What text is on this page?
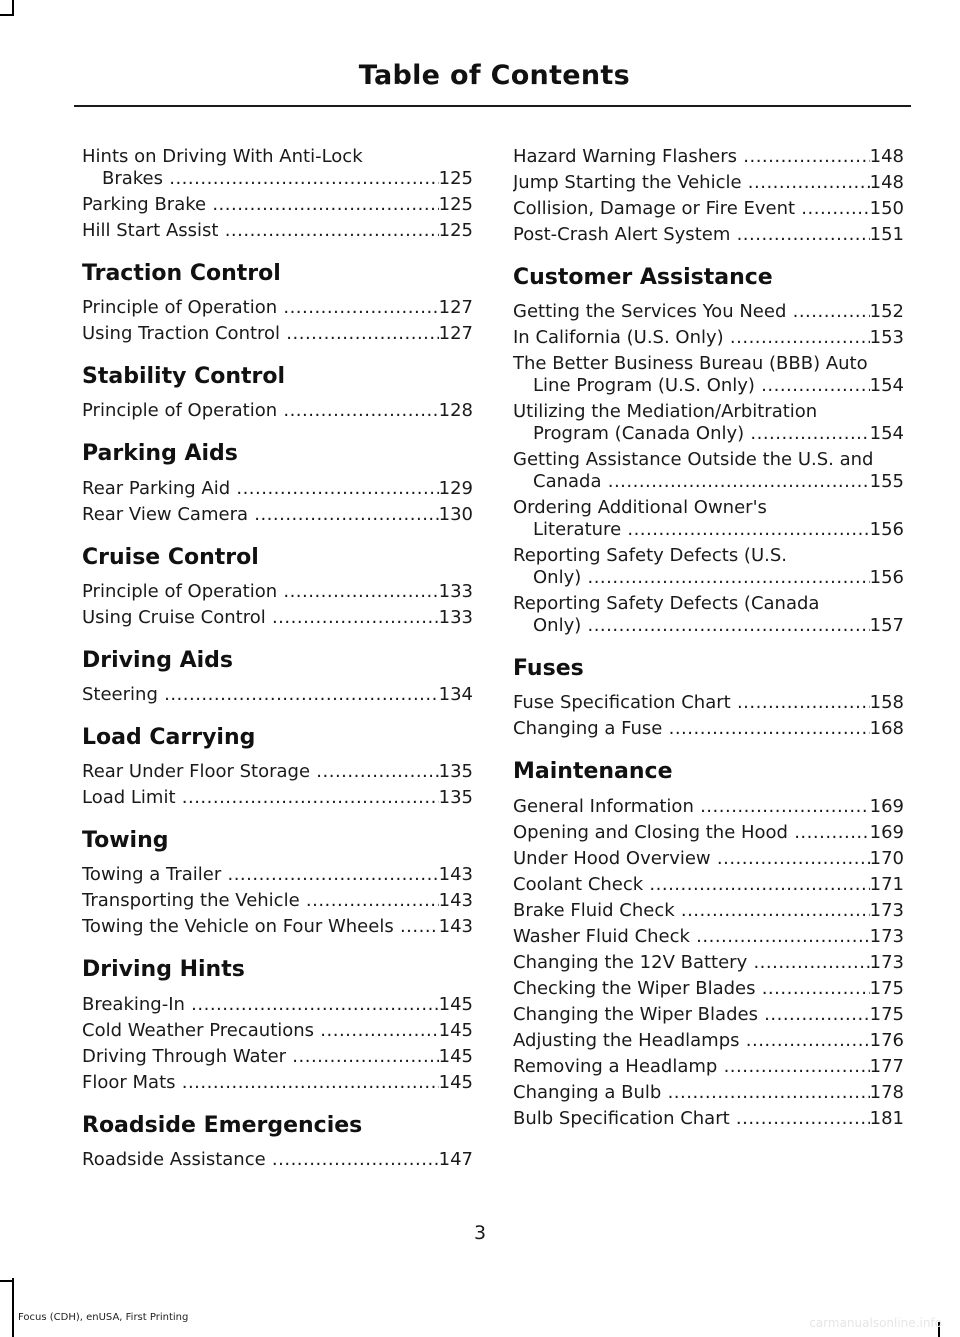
Table of Contents
Hints on Driving With Anti-Lock
Brakes .....	125
Parking Brake .....	125
Hill Start Assist .....	125
Traction Control
Principle of Operation .....	127
Using Traction Control .....	127
Stability Control
Principle of Operation .....	128
Parking Aids
Rear Parking Aid .....	129
Rear View Camera .....	130
Cruise Control
Principle of Operation .....	133
Using Cruise Control .....	133
Driving Aids
Steering .....	134
Load Carrying
Rear Under Floor Storage .....	135
Load Limit .....	135
Towing
Towing a Trailer .....	143
Transporting the Vehicle .....	143
Towing the Vehicle on Four Wheels .....	143
Driving Hints
Breaking-In .....	145
Cold Weather Precautions .....	145
Driving Through Water .....	145
Floor Mats .....	145
Roadside Emergencies
Roadside Assistance .....	147
Hazard Warning Flashers .....	148
Jump Starting the Vehicle .....	148
Collision, Damage or Fire Event .....	150
Post-Crash Alert System .....	151
Customer Assistance
Getting the Services You Need .....	152
In California (U.S. Only) .....	153
The Better Business Bureau (BBB) Auto
Line Program (U.S. Only) .....	154
Utilizing the Mediation/Arbitration
Program (Canada Only) .....	154
Getting Assistance Outside the U.S. and
Canada .....	155
Ordering Additional Owner's
Literature .....	156
Reporting Safety Defects (U.S.
Only) .....	156
Reporting Safety Defects (Canada
Only) .....	157
Fuses
Fuse Specification Chart .....	158
Changing a Fuse .....	168
Maintenance
General Information .....	169
Opening and Closing the Hood .....	169
Under Hood Overview .....	170
Coolant Check .....	171
Brake Fluid Check .....	173
Washer Fluid Check .....	173
Changing the 12V Battery .....	173
Checking the Wiper Blades .....	175
Changing the Wiper Blades .....	175
Adjusting the Headlamps .....	176
Removing a Headlamp .....	177
Changing a Bulb .....	178
Bulb Specification Chart .....	181
3
Focus (CDH), enUSA, First Printing	carmanualsonline.info
